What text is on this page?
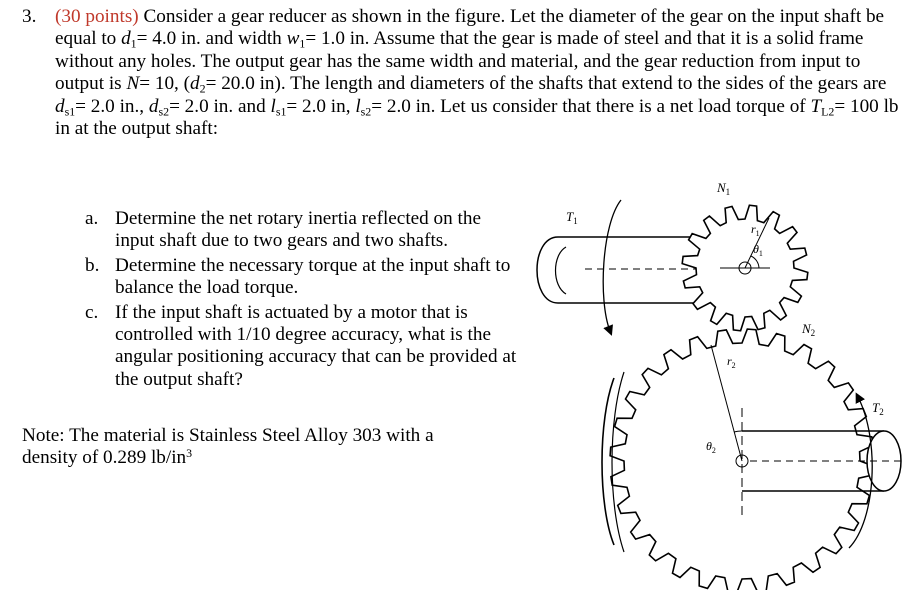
3. (30 points) Consider a gear reducer as shown in the figure. Let the diameter of the gear on the input shaft be equal to $d_1= 4.0$ in. and width $w_1= 1.0$ in. Assume that the gear is made of steel and that it is a solid frame without any holes. The output gear has the same width and material, and the gear reduction from input to output is N= 10, ($d_2= 20.0$ in). The length and diameters of the shafts that extend to the sides of the gears are $d_{s1}= 2.0$ in., $d_{s2}= 2.0$ in. and $l_{s1}= 2.0$ in, $l_{s2}= 2.0$ in. Let us consider that there is a net load torque of $T_{L2}= 100$ lb in at the output shaft:
a. Determine the net rotary inertia reflected on the input shaft due to two gears and two shafts.
b. Determine the necessary torque at the input shaft to balance the load torque.
c. If the input shaft is actuated by a motor that is controlled with 1/10 degree accuracy, what is the angular positioning accuracy that can be provided at the output shaft?
Note: The material is Stainless Steel Alloy 303 with a
density of 0.289 $lb/in^3$
$N_1$
$T_1$
$r_1$
$\theta_1$
$N_2$
$r_2$
$\theta_2$
$T_2$
